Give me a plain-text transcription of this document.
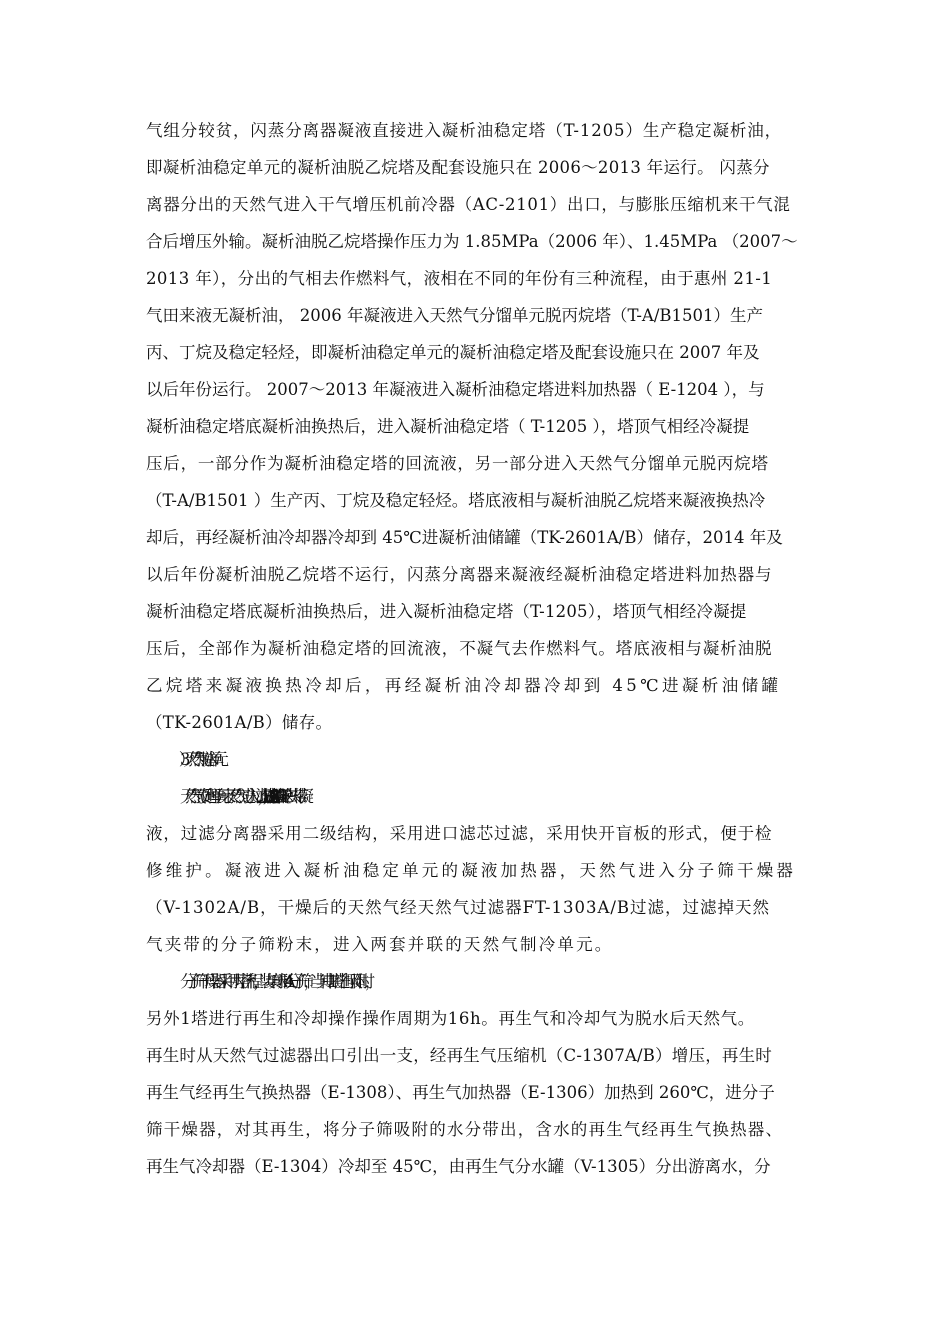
气组分较贫，闪蒸分离器凝液直接进入凝析油稳定塔（T-1205）生产稳定凝析油，
即凝析油稳定单元的凝析油脱乙烷塔及配套设施只在 2006～2013 年运行。 闪蒸分
离器分出的天然气进入干气增压机前冷器（AC-2101）出口，与膨胀压缩机来干气混
合后增压外输。凝析油脱乙烷塔操作压力为 1.85MPa（2006 年）、1.45MPa （2007～
2013 年），分出的气相去作燃料气，液相在不同的年份有三种流程，由于惠州 21-1
气田来液无凝析油， 2006 年凝液进入天然气分馏单元脱丙烷塔（T-A/B1501）生产
丙、丁烷及稳定轻烃，即凝析油稳定单元的凝析油稳定塔及配套设施只在 2007 年及
以后年份运行。 2007～2013 年凝液进入凝析油稳定塔进料加热器（ E-1204 ），与
凝析油稳定塔底凝析油换热后，进入凝析油稳定塔（ T-1205 ），塔顶气相经冷凝提
压后，一部分作为凝析油稳定塔的回流液，另一部分进入天然气分馏单元脱丙烷塔
（T-A/B1501 ）生产丙、丁烷及稳定轻烃。塔底液相与凝析油脱乙烷塔来凝液换热冷
却后，再经凝析油冷却器冷却到 45℃进凝析油储罐（TK-2601A/B）储存，2014 年及
以后年份凝析油脱乙烷塔不运行，闪蒸分离器来凝液经凝析油稳定塔进料加热器与
凝析油稳定塔底凝析油换热后，进入凝析油稳定塔（T-1205），塔顶气相经冷凝提
压后，全部作为凝析油稳定塔的回流液，不凝气去作燃料气。塔底液相与凝析油脱
乙烷塔来凝液换热冷却后，再经凝析油冷却器冷却到 45℃进凝析油储罐
（TK-2601A/B）储存。
3）天然气脱水单元
天然气预处理单元来天然气进入过滤分离器（FT-1301A/B)，进一步除去夹带凝
液，过滤分离器采用二级结构，采用进口滤芯过滤，采用快开盲板的形式，便于检
修维护。凝液进入凝析油稳定单元的凝液加热器，天然气进入分子筛干燥器
（V-1302A/B，干燥后的天然气经天然气过滤器FT-1303A/B过滤，过滤掉天然
气夹带的分子筛粉末，进入两套并联的天然气制冷单元。
分子筛干燥器采用两塔流程，装填球形4A分子筛，当其中1塔进行吸附时，
另外1塔进行再生和冷却操作操作周期为16h。再生气和冷却气为脱水后天然气。
再生时从天然气过滤器出口引出一支，经再生气压缩机（C-1307A/B）增压，再生时
再生气经再生气换热器（E-1308）、再生气加热器（E-1306）加热到 260℃，进分子
筛干燥器，对其再生，将分子筛吸附的水分带出，含水的再生气经再生气换热器、
再生气冷却器（E-1304）冷却至 45℃，由再生气分水罐（V-1305）分出游离水，分
